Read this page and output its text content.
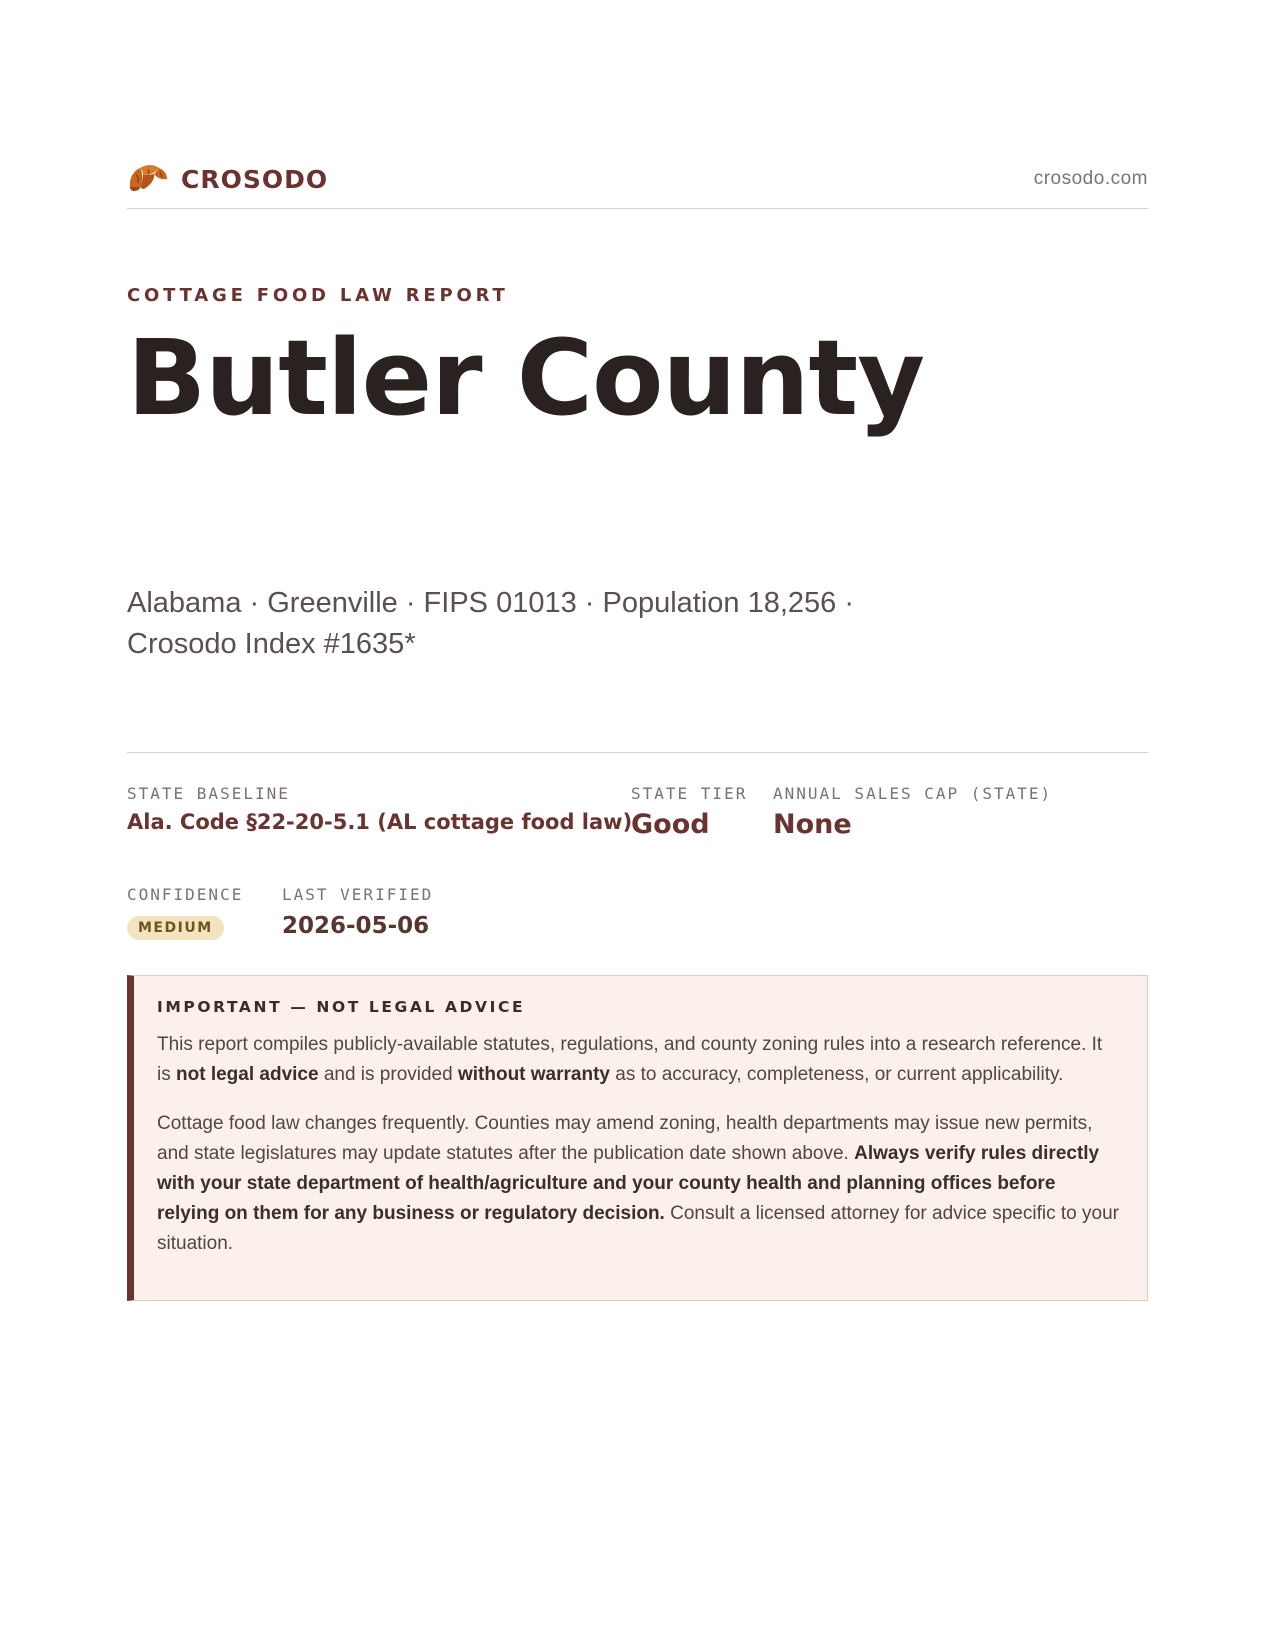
CROSODO	crosodo.com
COTTAGE FOOD LAW REPORT
Butler County
Alabama · Greenville · FIPS 01013 · Population 18,256 · Crosodo Index #1635*
STATE BASELINE
Ala. Code §22-20-5.1 (AL cottage food law)
STATE TIER
Good
ANNUAL SALES CAP (STATE)
None
CONFIDENCE
MEDIUM
LAST VERIFIED
2026-05-06
IMPORTANT — NOT LEGAL ADVICE

This report compiles publicly-available statutes, regulations, and county zoning rules into a research reference. It is not legal advice and is provided without warranty as to accuracy, completeness, or current applicability.

Cottage food law changes frequently. Counties may amend zoning, health departments may issue new permits, and state legislatures may update statutes after the publication date shown above. Always verify rules directly with your state department of health/agriculture and your county health and planning offices before relying on them for any business or regulatory decision. Consult a licensed attorney for advice specific to your situation.
